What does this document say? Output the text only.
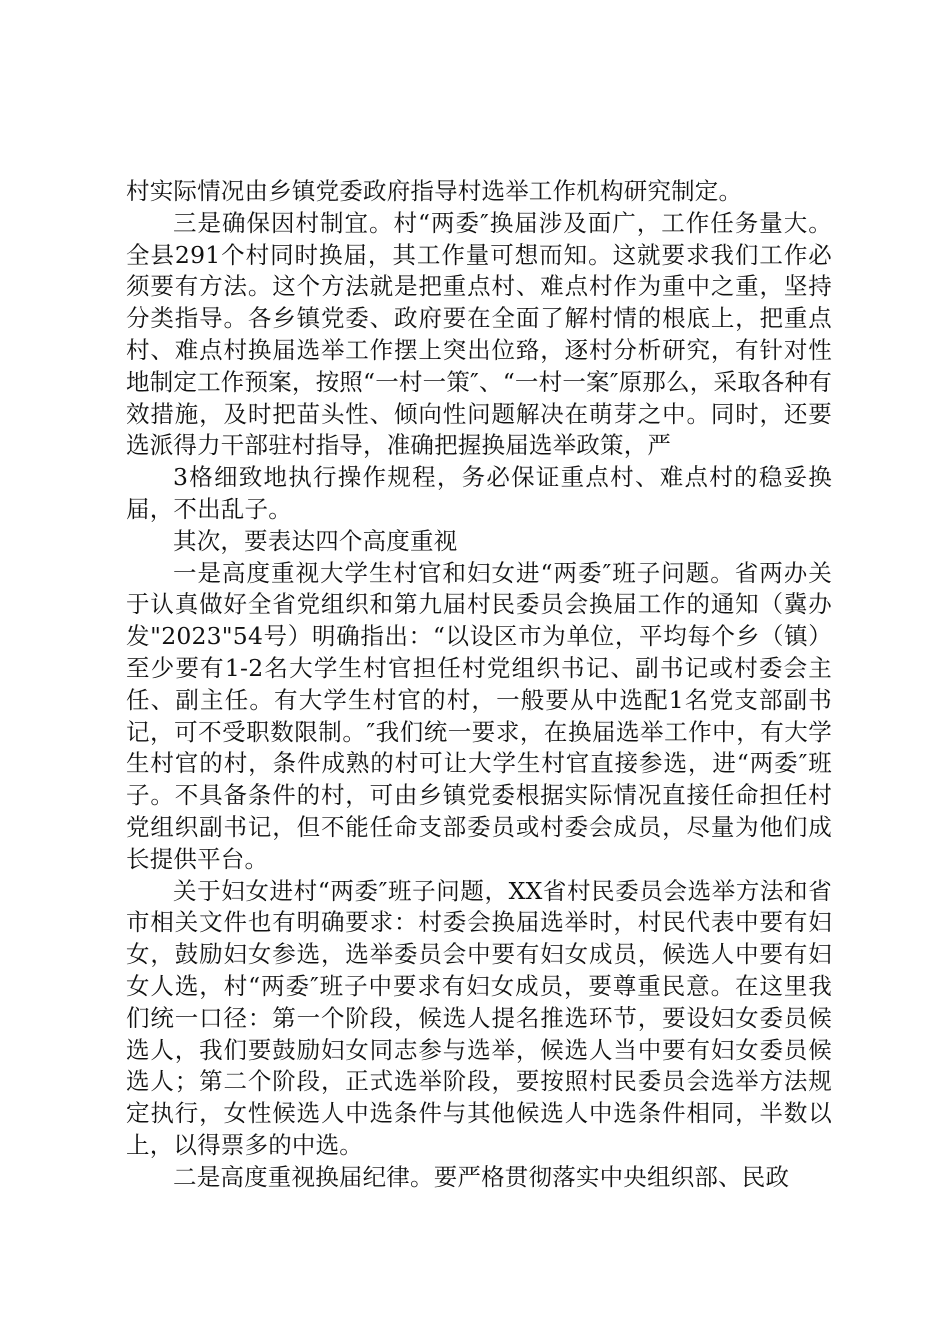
村实际情况由乡镇党委政府指导村选举工作机构研究制定。

三是确保因村制宜。村“两委″换届涉及面广，工作任务量大。全县291个村同时换届，其工作量可想而知。这就要求我们工作必须要有方法。这个方法就是把重点村、难点村作为重中之重，坚持分类指导。各乡镇党委、政府要在全面了解村情的根底上，把重点村、难点村换届选举工作摆上突出位臵，逐村分析研究，有针对性地制定工作预案，按照“一村一策″、“一村一案″原那么，采取各种有效措施，及时把苗头性、倾向性问题解决在萌芽之中。同时，还要选派得力干部驻村指导，准确把握换届选举政策，严

3格细致地执行操作规程，务必保证重点村、难点村的稳妥换届，不出乱子。

其次，要表达四个高度重视

一是高度重视大学生村官和妇女进“两委″班子问题。省两办关于认真做好全省党组织和第九届村民委员会换届工作的通知（冀办发"2023"54号）明确指出：“以设区市为单位，平均每个乡（镇）至少要有1-2名大学生村官担任村党组织书记、副书记或村委会主任、副主任。有大学生村官的村，一般要从中选配1名党支部副书记，可不受职数限制。″我们统一要求，在换届选举工作中，有大学生村官的村，条件成熟的村可让大学生村官直接参选，进“两委″班子。不具备条件的村，可由乡镇党委根据实际情况直接任命担任村党组织副书记，但不能任命支部委员或村委会成员，尽量为他们成长提供平台。

关于妇女进村“两委″班子问题，XX省村民委员会选举方法和省市相关文件也有明确要求：村委会换届选举时，村民代表中要有妇女，鼓励妇女参选，选举委员会中要有妇女成员，候选人中要有妇女人选，村“两委″班子中要求有妇女成员，要尊重民意。在这里我们统一口径：第一个阶段，候选人提名推选环节，要设妇女委员候选人，我们要鼓励妇女同志参与选举，候选人当中要有妇女委员候选人；第二个阶段，正式选举阶段，要按照村民委员会选举方法规定执行，女性候选人中选条件与其他候选人中选条件相同，半数以上，以得票多的中选。

二是高度重视换届纪律。要严格贯彻落实中央组织部、民政
